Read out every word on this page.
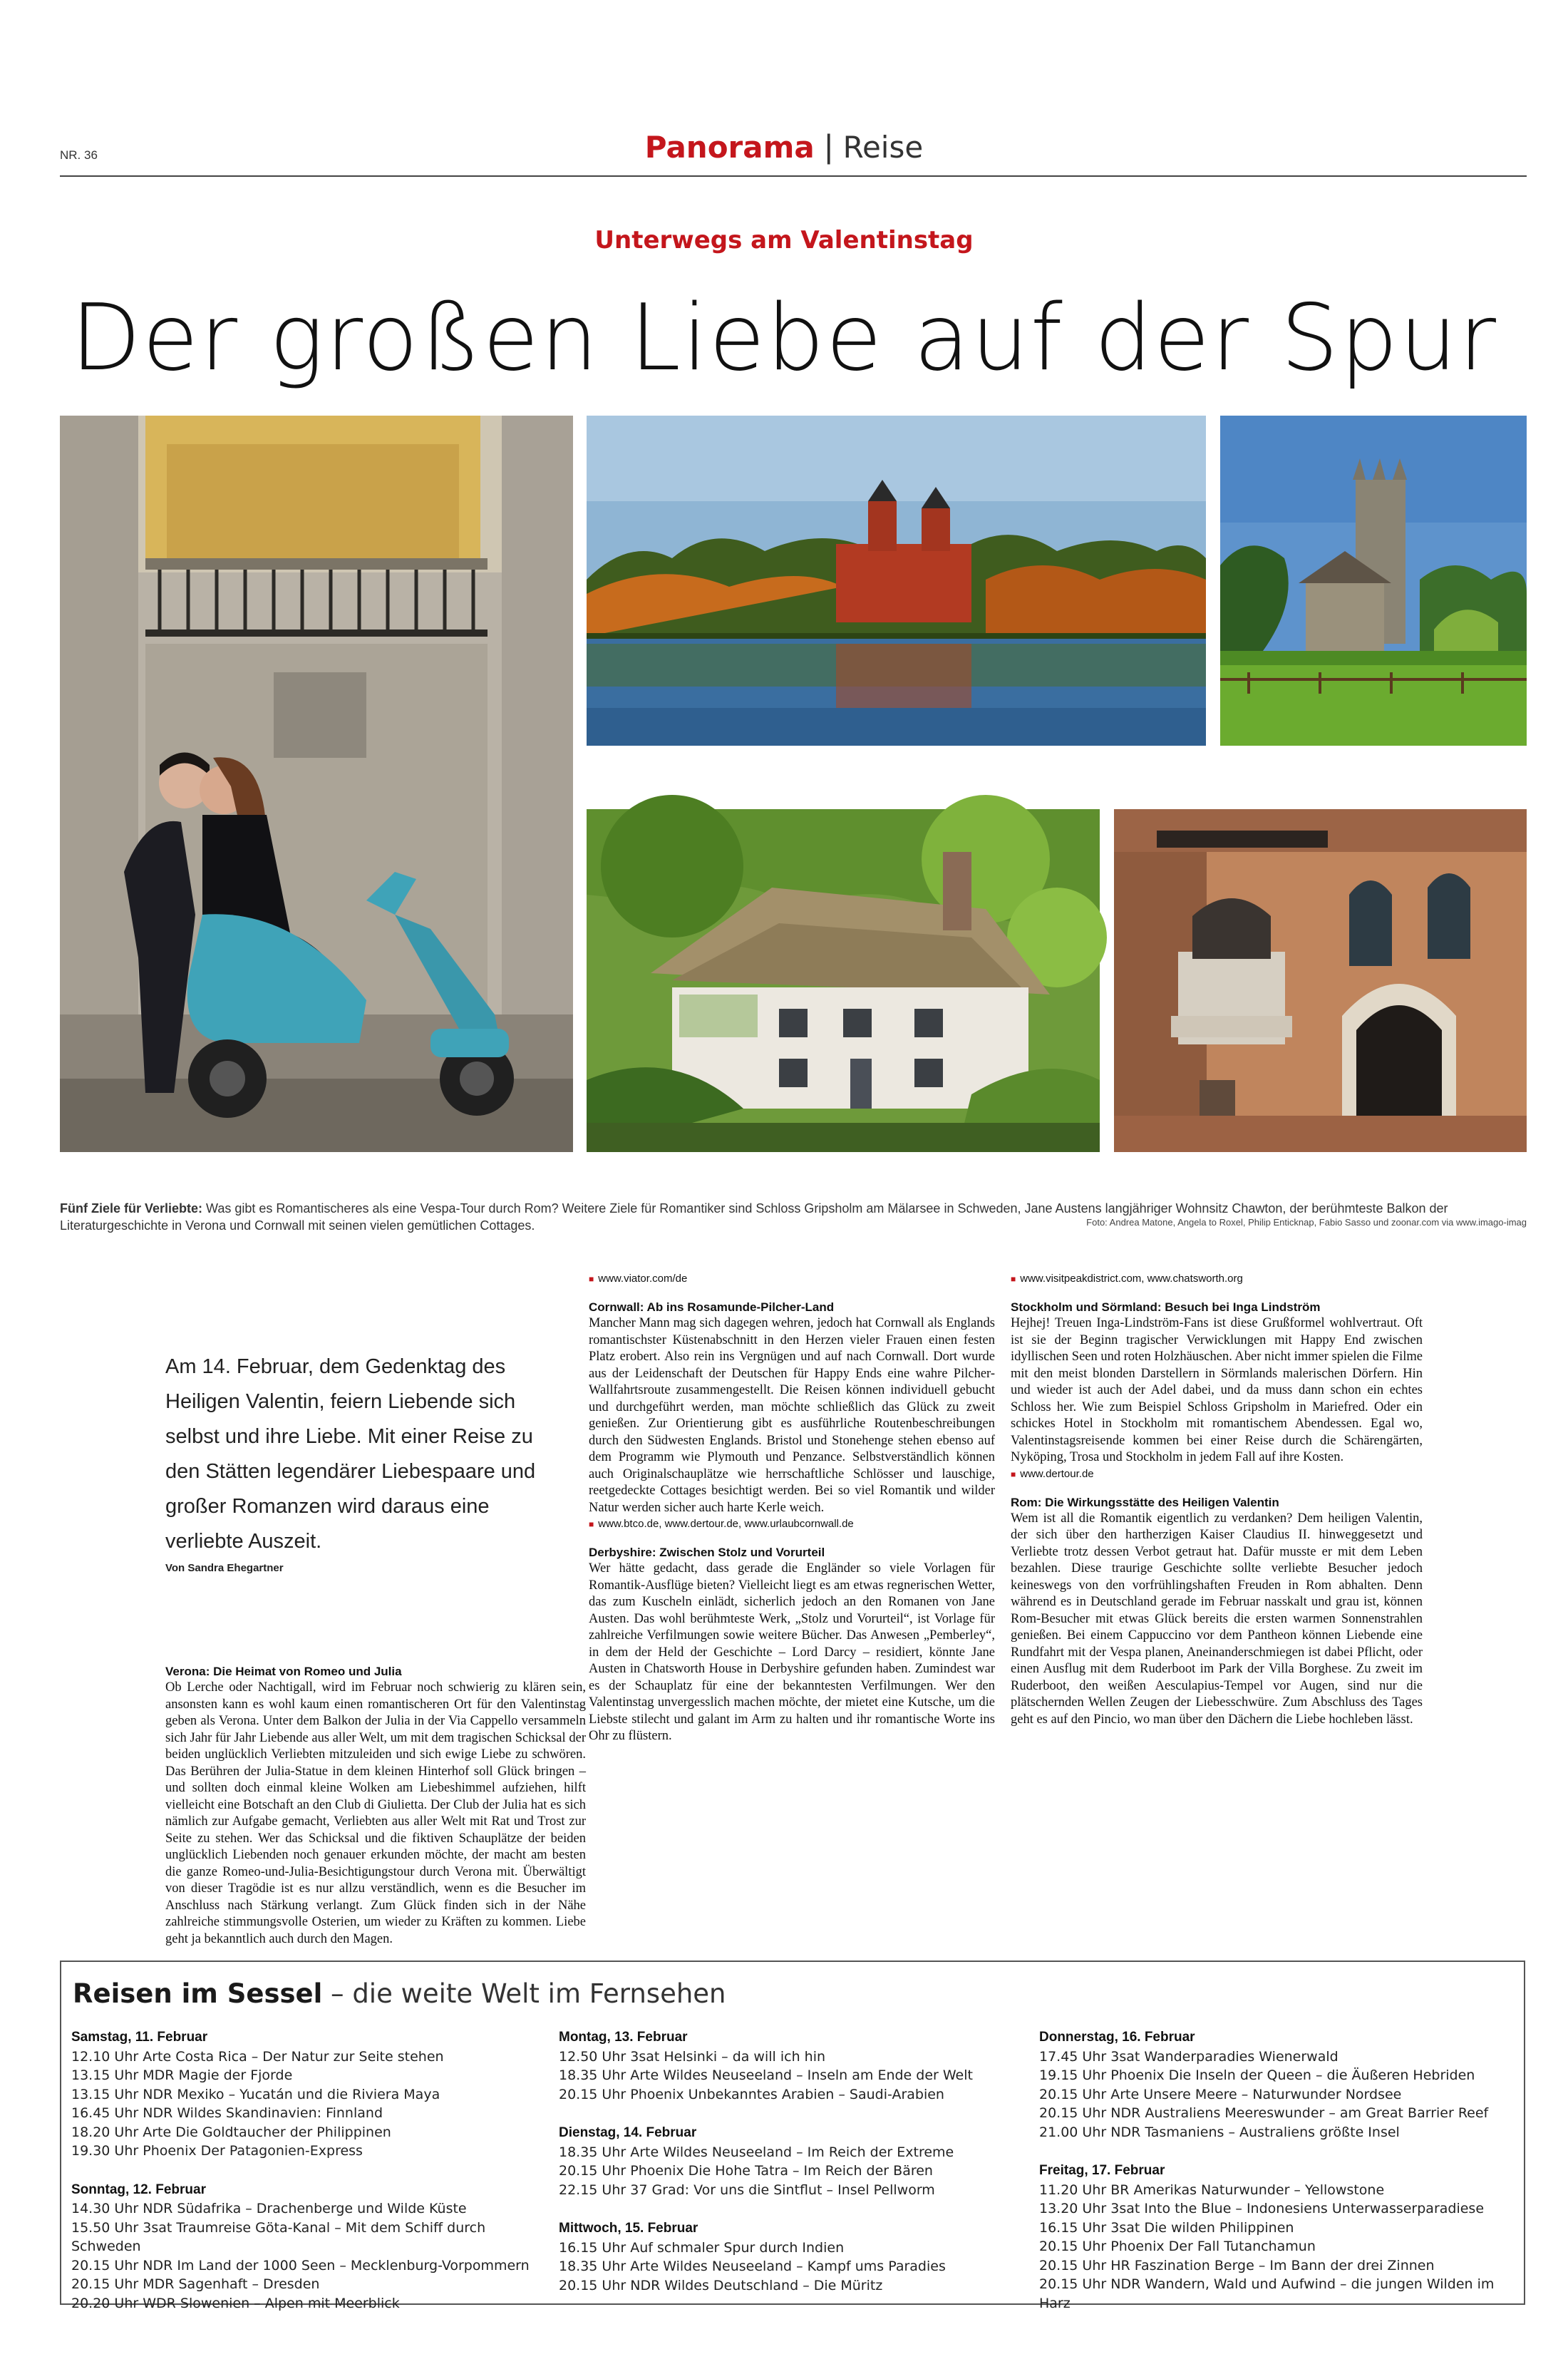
NR. 36	Panorama | Reise
Unterwegs am Valentinstag
Der großen Liebe auf der Spur
Fünf Ziele für Verliebte: Was gibt es Romantischeres als eine Vespa-Tour durch Rom? Weitere Ziele für Romantiker sind Schloss Gripsholm am Mälarsee in Schweden, Jane Austens langjähriger Wohnsitz Chawton, der berühmteste Balkon der Literaturgeschichte in Verona und Cornwall mit seinen vielen gemütlichen Cottages.	Foto: Andrea Matone, Angela to Roxel, Philip Enticknap, Fabio Sasso und zoonar.com via www.imago-imag
Am 14. Februar, dem Gedenktag des Heiligen Valentin, feiern Liebende sich selbst und ihre Liebe. Mit einer Reise zu den Stätten legendärer Liebespaare und großer Romanzen wird daraus eine verliebte Auszeit.
Von Sandra Ehegartner
Verona: Die Heimat von Romeo und Julia

Ob Lerche oder Nachtigall, wird im Februar noch schwierig zu klären sein, ansonsten kann es wohl kaum einen romantischeren Ort für den Valentinstag geben als Verona. Unter dem Balkon der Julia in der Via Cappello versammeln sich Jahr für Jahr Liebende aus aller Welt, um mit dem tragischen Schicksal der beiden unglücklich Verliebten mitzuleiden und sich ewige Liebe zu schwören. Das Berühren der Julia-Statue in dem kleinen Hinterhof soll Glück bringen – und sollten doch einmal kleine Wolken am Liebeshimmel aufziehen, hilft vielleicht eine Botschaft an den Club di Giulietta. Der Club der Julia hat es sich nämlich zur Aufgabe gemacht, Verliebten aus aller Welt mit Rat und Trost zur Seite zu stehen. Wer das Schicksal und die fiktiven Schauplätze der beiden unglücklich Liebenden noch genauer erkunden möchte, der macht am besten die ganze Romeo-und-Julia-Besichtigungstour durch Verona mit. Überwältigt von dieser Tragödie ist es nur allzu verständlich, wenn es die Besucher im Anschluss nach Stärkung verlangt. Zum Glück finden sich in der Nähe zahlreiche stimmungsvolle Osterien, um wieder zu Kräften zu kommen. Liebe geht ja bekanntlich auch durch den Magen.

■ www.viator.com/de
Cornwall: Ab ins Rosamunde-Pilcher-Land

Mancher Mann mag sich dagegen wehren, jedoch hat Cornwall als Englands romantischster Küstenabschnitt in den Herzen vieler Frauen einen festen Platz erobert. Also rein ins Vergnügen und auf nach Cornwall. Dort wurde aus der Leidenschaft der Deutschen für Happy Ends eine wahre Pilcher-Wallfahrtsroute zusammengestellt. Die Reisen können individuell gebucht und durchgeführt werden, man möchte schließlich das Glück zu zweit genießen. Zur Orientierung gibt es ausführliche Routenbeschreibungen durch den Südwesten Englands. Bristol und Stonehenge stehen ebenso auf dem Programm wie Plymouth und Penzance. Selbstverständlich können auch Originalschauplätze wie herrschaftliche Schlösser und lauschige, reetgedeckte Cottages besichtigt werden. Bei so viel Romantik und wilder Natur werden sicher auch harte Kerle weich.

■ www.btco.de, www.dertour.de, www.urlaubcornwall.de
Derbyshire: Zwischen Stolz und Vorurteil

Wer hätte gedacht, dass gerade die Engländer so viele Vorlagen für Romantik-Ausflüge bieten? Vielleicht liegt es am etwas regnerischen Wetter, das zum Kuscheln einlädt, sicherlich jedoch an den Romanen von Jane Austen. Das wohl berühmteste Werk, „Stolz und Vorurteil“, ist Vorlage für zahlreiche Verfilmungen sowie weitere Bücher. Das Anwesen „Pemberley“, in dem der Held der Geschichte – Lord Darcy – residiert, könnte Jane Austen in Chatsworth House in Derbyshire gefunden haben. Zumindest war es der Schauplatz für eine der bekanntesten Verfilmungen. Wer den Valentinstag unvergesslich machen möchte, der mietet eine Kutsche, um die Liebste stilecht und galant im Arm zu halten und ihr romantische Worte ins Ohr zu flüstern.

■ www.visitpeakdistrict.com, www.chatsworth.org
Stockholm und Sörmland: Besuch bei Inga Lindström

Hejhej! Treuen Inga-Lindström-Fans ist diese Grußformel wohlvertraut. Oft ist sie der Beginn tragischer Verwicklungen mit Happy End zwischen idyllischen Seen und roten Holzhäuschen. Aber nicht immer spielen die Filme mit den meist blonden Darstellern in Sörmlands malerischen Dörfern. Hin und wieder ist auch der Adel dabei, und da muss dann schon ein echtes Schloss her. Wie zum Beispiel Schloss Gripsholm in Mariefred. Oder ein schickes Hotel in Stockholm mit romantischem Abendessen. Egal wo, Valentinstagsreisende kommen bei einer Reise durch die Schärengärten, Nyköping, Trosa und Stockholm in jedem Fall auf ihre Kosten.

■ www.dertour.de
Rom: Die Wirkungsstätte des Heiligen Valentin

Wem ist all die Romantik eigentlich zu verdanken? Dem heiligen Valentin, der sich über den hartherzigen Kaiser Claudius II. hinweggesetzt und Verliebte trotz dessen Verbot getraut hat. Dafür musste er mit dem Leben bezahlen. Diese traurige Geschichte sollte verliebte Besucher jedoch keineswegs von den vorfrühlingshaften Freuden in Rom abhalten. Denn während es in Deutschland gerade im Februar nasskalt und grau ist, können Rom-Besucher mit etwas Glück bereits die ersten warmen Sonnenstrahlen genießen. Bei einem Cappuccino vor dem Pantheon können Liebende eine Rundfahrt mit der Vespa planen, Aneinanderschmiegen ist dabei Pflicht, oder einen Ausflug mit dem Ruderboot im Park der Villa Borghese. Zu zweit im Ruderboot, den weißen Aesculapius-Tempel vor Augen, sind nur die plätschernden Wellen Zeugen der Liebesschwüre. Zum Abschluss des Tages geht es auf den Pincio, wo man über den Dächern die Liebe hochleben lässt.

Reisen im Sessel – die weite Welt im Fernsehen
Samstag, 11. Februar
12.10 Uhr Arte Costa Rica – Der Natur zur Seite stehen
13.15 Uhr MDR Magie der Fjorde
13.15 Uhr NDR Mexiko – Yucatán und die Riviera Maya
16.45 Uhr NDR Wildes Skandinavien: Finnland
18.20 Uhr Arte Die Goldtaucher der Philippinen
19.30 Uhr Phoenix Der Patagonien-Express
Sonntag, 12. Februar
14.30 Uhr NDR Südafrika – Drachenberge und Wilde Küste
15.50 Uhr 3sat Traumreise Göta-Kanal – Mit dem Schiff durch Schweden
20.15 Uhr NDR Im Land der 1000 Seen – Mecklenburg-Vorpommern
20.15 Uhr MDR Sagenhaft – Dresden
20.20 Uhr WDR Slowenien – Alpen mit Meerblick
Montag, 13. Februar
12.50 Uhr 3sat Helsinki – da will ich hin
18.35 Uhr Arte Wildes Neuseeland – Inseln am Ende der Welt
20.15 Uhr Phoenix Unbekanntes Arabien – Saudi-Arabien
Dienstag, 14. Februar
18.35 Uhr Arte Wildes Neuseeland – Im Reich der Extreme
20.15 Uhr Phoenix Die Hohe Tatra – Im Reich der Bären
22.15 Uhr 37 Grad: Vor uns die Sintflut – Insel Pellworm
Mittwoch, 15. Februar
16.15 Uhr Auf schmaler Spur durch Indien
18.35 Uhr Arte Wildes Neuseeland – Kampf ums Paradies
20.15 Uhr NDR Wildes Deutschland – Die Müritz
Donnerstag, 16. Februar
17.45 Uhr 3sat Wanderparadies Wienerwald
19.15 Uhr Phoenix Die Inseln der Queen – die Äußeren Hebriden
20.15 Uhr Arte Unsere Meere – Naturwunder Nordsee
20.15 Uhr NDR Australiens Meereswunder – am Great Barrier Reef
21.00 Uhr NDR Tasmaniens – Australiens größte Insel
Freitag, 17. Februar
11.20 Uhr BR Amerikas Naturwunder – Yellowstone
13.20 Uhr 3sat Into the Blue – Indonesiens Unterwasserparadiese
16.15 Uhr 3sat Die wilden Philippinen
20.15 Uhr Phoenix Der Fall Tutanchamun
20.15 Uhr HR Faszination Berge – Im Bann der drei Zinnen
20.15 Uhr NDR Wandern, Wald und Aufwind – die jungen Wilden im Harz
